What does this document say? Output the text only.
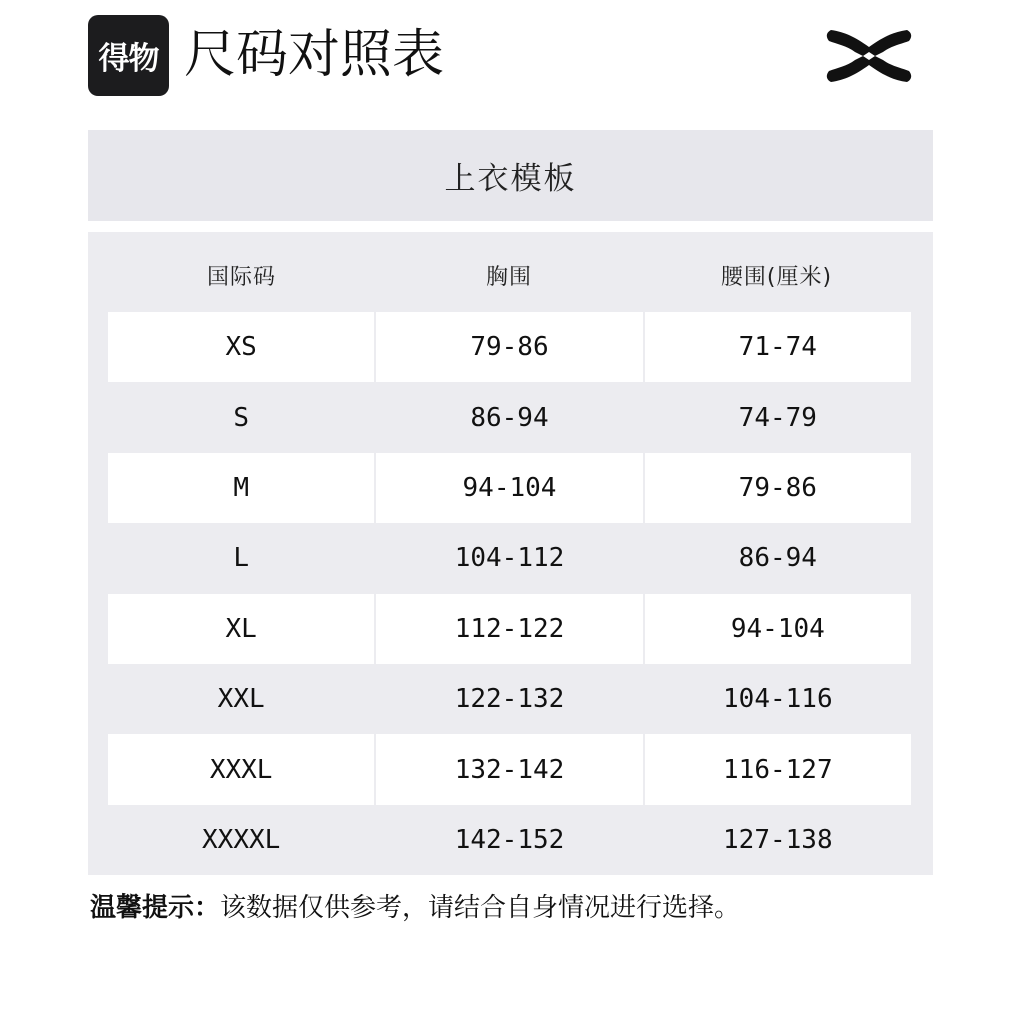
得物 尺码对照表
上衣模板
国际码	胸围	腰围(厘米)
XS	79-86	71-74
S	86-94	74-79
M	94-104	79-86
L	104-112	86-94
XL	112-122	94-104
XXL	122-132	104-116
XXXL	132-142	116-127
XXXXL	142-152	127-138
温馨提示：该数据仅供参考，请结合自身情况进行选择。
